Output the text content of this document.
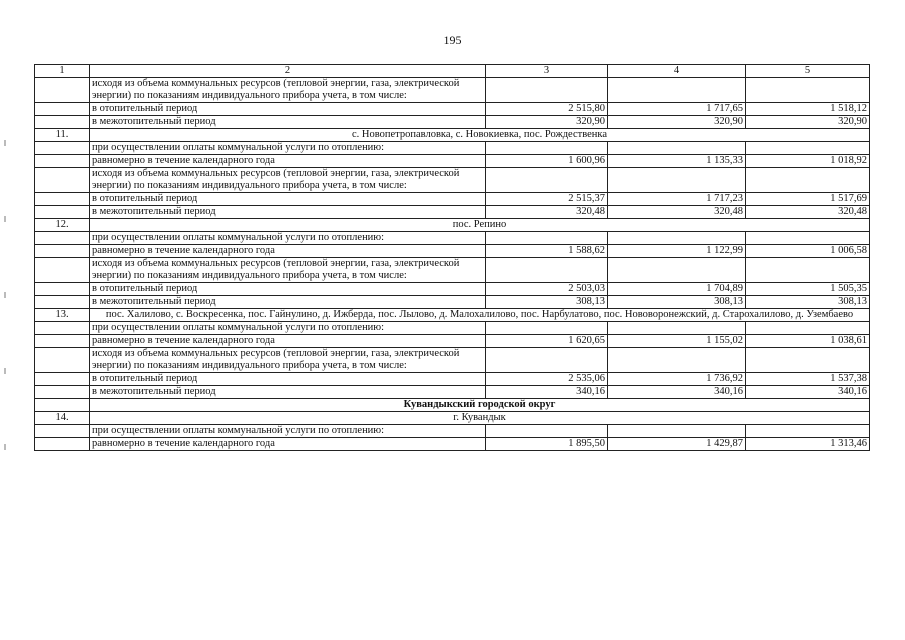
195
1	2	3	4	5
	исходя из объема коммунальных ресурсов (тепловой энергии, газа, электрической энергии) по показаниям индивидуального прибора учета, в том числе:			
	в отопительный период	2 515,80	1 717,65	1 518,12
	в межотопительный период	320,90	320,90	320,90
11.	с. Новопетропавловка, с. Новокиевка, пос. Рождественка			
	при осуществлении оплаты коммунальной услуги по отоплению:			
	равномерно в течение календарного года	1 600,96	1 135,33	1 018,92
	исходя из объема коммунальных ресурсов (тепловой энергии, газа, электрической энергии) по показаниям индивидуального прибора учета, в том числе:			
	в отопительный период	2 515,37	1 717,23	1 517,69
	в межотопительный период	320,48	320,48	320,48
12.	пос. Репино			
	при осуществлении оплаты коммунальной услуги по отоплению:			
	равномерно в течение календарного года	1 588,62	1 122,99	1 006,58
	исходя из объема коммунальных ресурсов (тепловой энергии, газа, электрической энергии) по показаниям индивидуального прибора учета, в том числе:			
	в отопительный период	2 503,03	1 704,89	1 505,35
	в межотопительный период	308,13	308,13	308,13
13.	пос. Халилово, с. Воскресенка, пос. Гайнулино, д. Ижберда, пос. Лылово, д. Малохалилово, пос. Нарбулатово, пос. Нововоронежский, д. Старохалилово, д. Узембаево			
	при осуществлении оплаты коммунальной услуги по отоплению:			
	равномерно в течение календарного года	1 620,65	1 155,02	1 038,61
	исходя из объема коммунальных ресурсов (тепловой энергии, газа, электрической энергии) по показаниям индивидуального прибора учета, в том числе:			
	в отопительный период	2 535,06	1 736,92	1 537,38
	в межотопительный период	340,16	340,16	340,16
	Кувандыкский городской округ			
14.	г. Кувандык			
	при осуществлении оплаты коммунальной услуги по отоплению:			
	равномерно в течение календарного года	1 895,50	1 429,87	1 313,46
